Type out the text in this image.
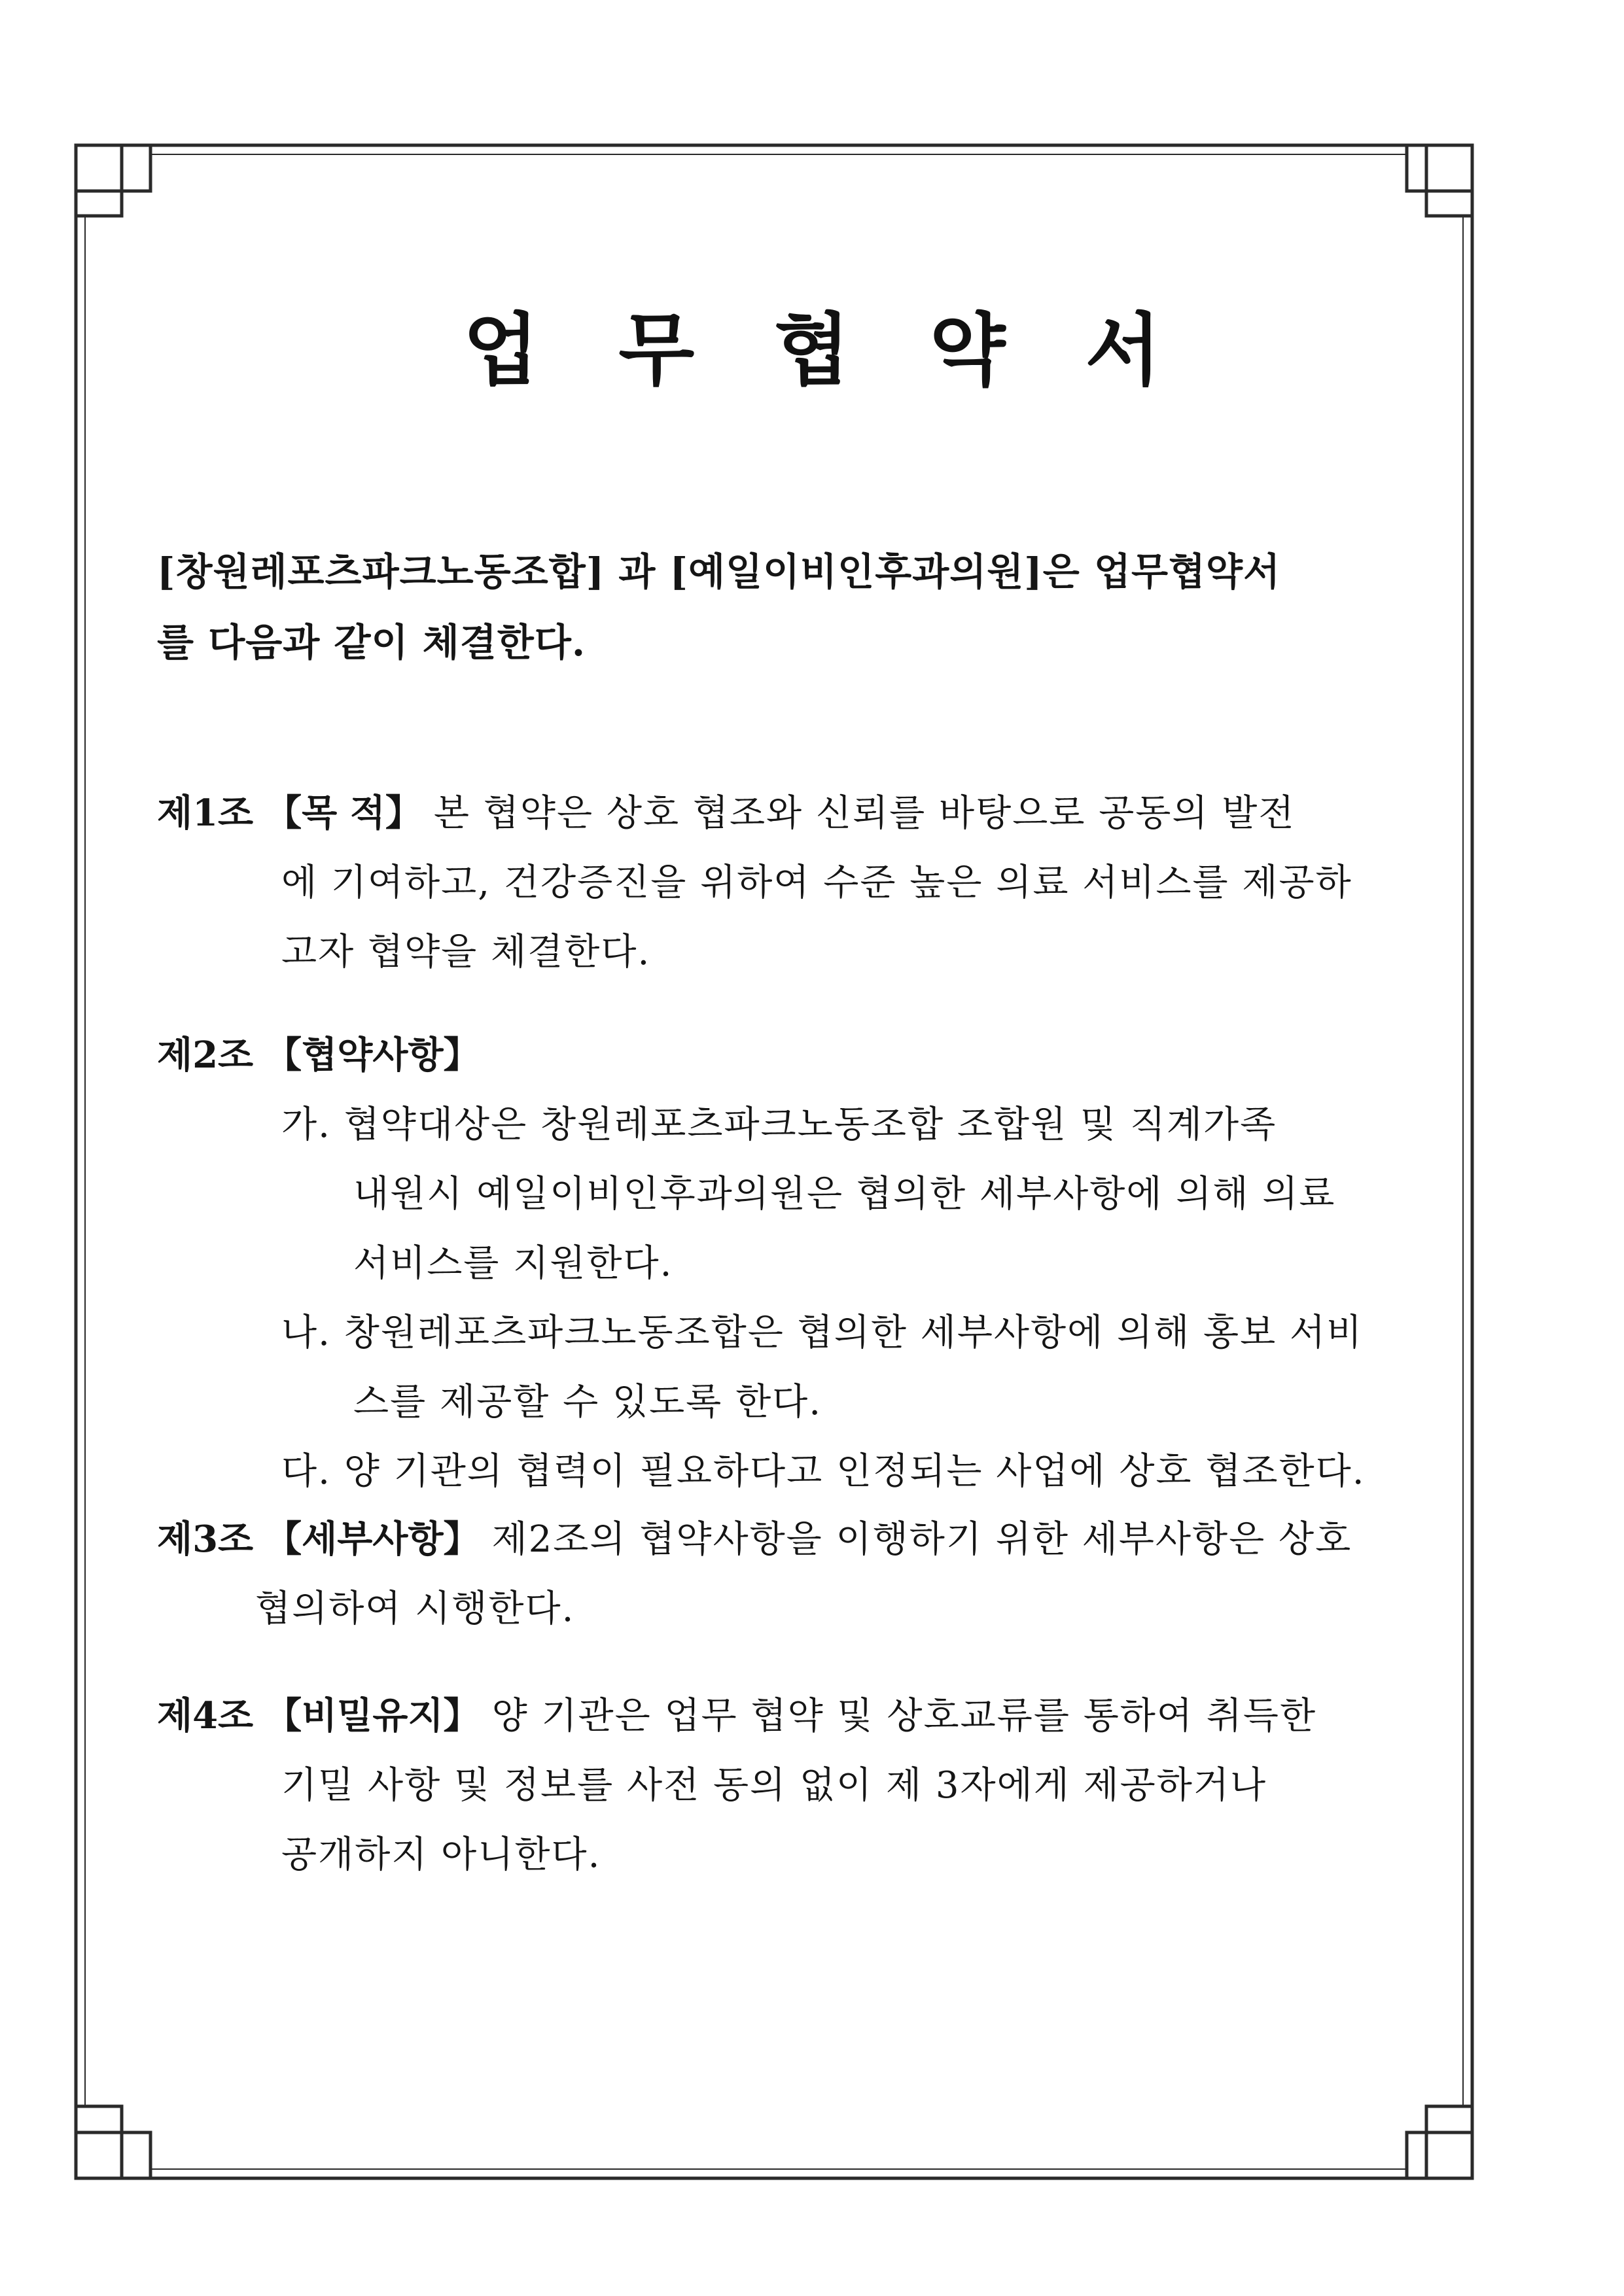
업 무 협 약 서
[창원레포츠파크노동조합] 과 [예일이비인후과의원]은 업무협약서
를 다음과 같이 체결한다.
제1조 【목 적】 본 협약은 상호 협조와 신뢰를 바탕으로 공동의 발전
에 기여하고, 건강증진을 위하여 수준 높은 의료 서비스를 제공하
고자 협약을 체결한다.
제2조 【협약사항】
가. 협약대상은 창원레포츠파크노동조합 조합원 및 직계가족
내원시 예일이비인후과의원은 협의한 세부사항에 의해 의료
서비스를 지원한다.
나. 창원레포츠파크노동조합은 협의한 세부사항에 의해 홍보 서비
스를 제공할 수 있도록 한다.
다. 양 기관의 협력이 필요하다고 인정되는 사업에 상호 협조한다.
제3조 【세부사항】 제2조의 협약사항을 이행하기 위한 세부사항은 상호
협의하여 시행한다.
제4조 【비밀유지】 양 기관은 업무 협약 및 상호교류를 통하여 취득한
기밀 사항 및 정보를 사전 동의 없이 제 3자에게 제공하거나
공개하지 아니한다.
